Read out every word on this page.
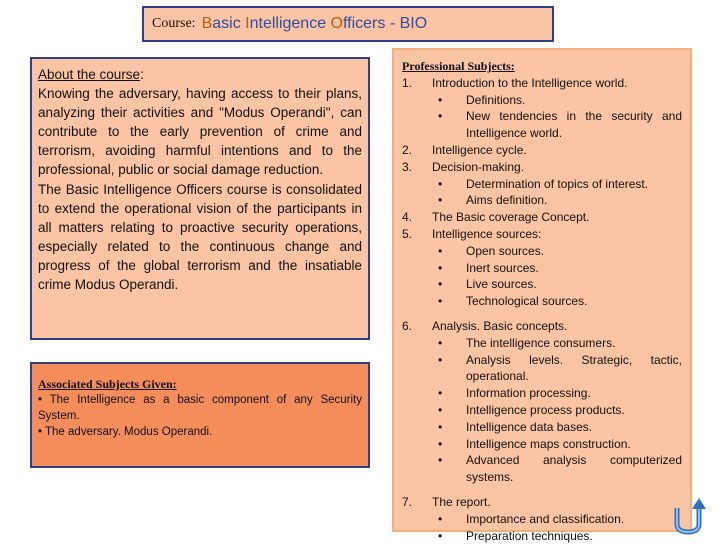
Course: Basic Intelligence Officers - BIO

About the course:

Knowing the adversary, having access to their plans, analyzing their activities and "Modus Operandi", can contribute to the early prevention of crime and terrorism, avoiding harmful intentions and to the professional, public or social damage reduction.

The Basic Intelligence Officers course is consolidated to extend the operational vision of the participants in all matters relating to proactive security operations, especially related to the continuous change and progress of the global terrorism and the insatiable crime Modus Operandi.

Associated Subjects Given:

• The Intelligence as a basic component of any Security System.

• The adversary. Modus Operandi.

Professional Subjects:
1.	Introduction to the Intelligence world.
•	Definitions.
•	New tendencies in the security and Intelligence world.
2.	Intelligence cycle.
3.	Decision-making.
•	Determination of topics of interest.
•	Aims definition.
4.	The Basic coverage Concept.
5.	Intelligence sources:
•	Open sources.
•	Inert sources.
•	Live sources.
•	Technological sources.
6.	Analysis. Basic concepts.
•	The intelligence consumers.
•	Analysis levels. Strategic, tactic, operational.
•	Information processing.
•	Intelligence process products.
•	Intelligence data bases.
•	Intelligence maps construction.
•	Advanced analysis computerized systems.
7.	The report.
•	Importance and classification.
•	Preparation techniques.
